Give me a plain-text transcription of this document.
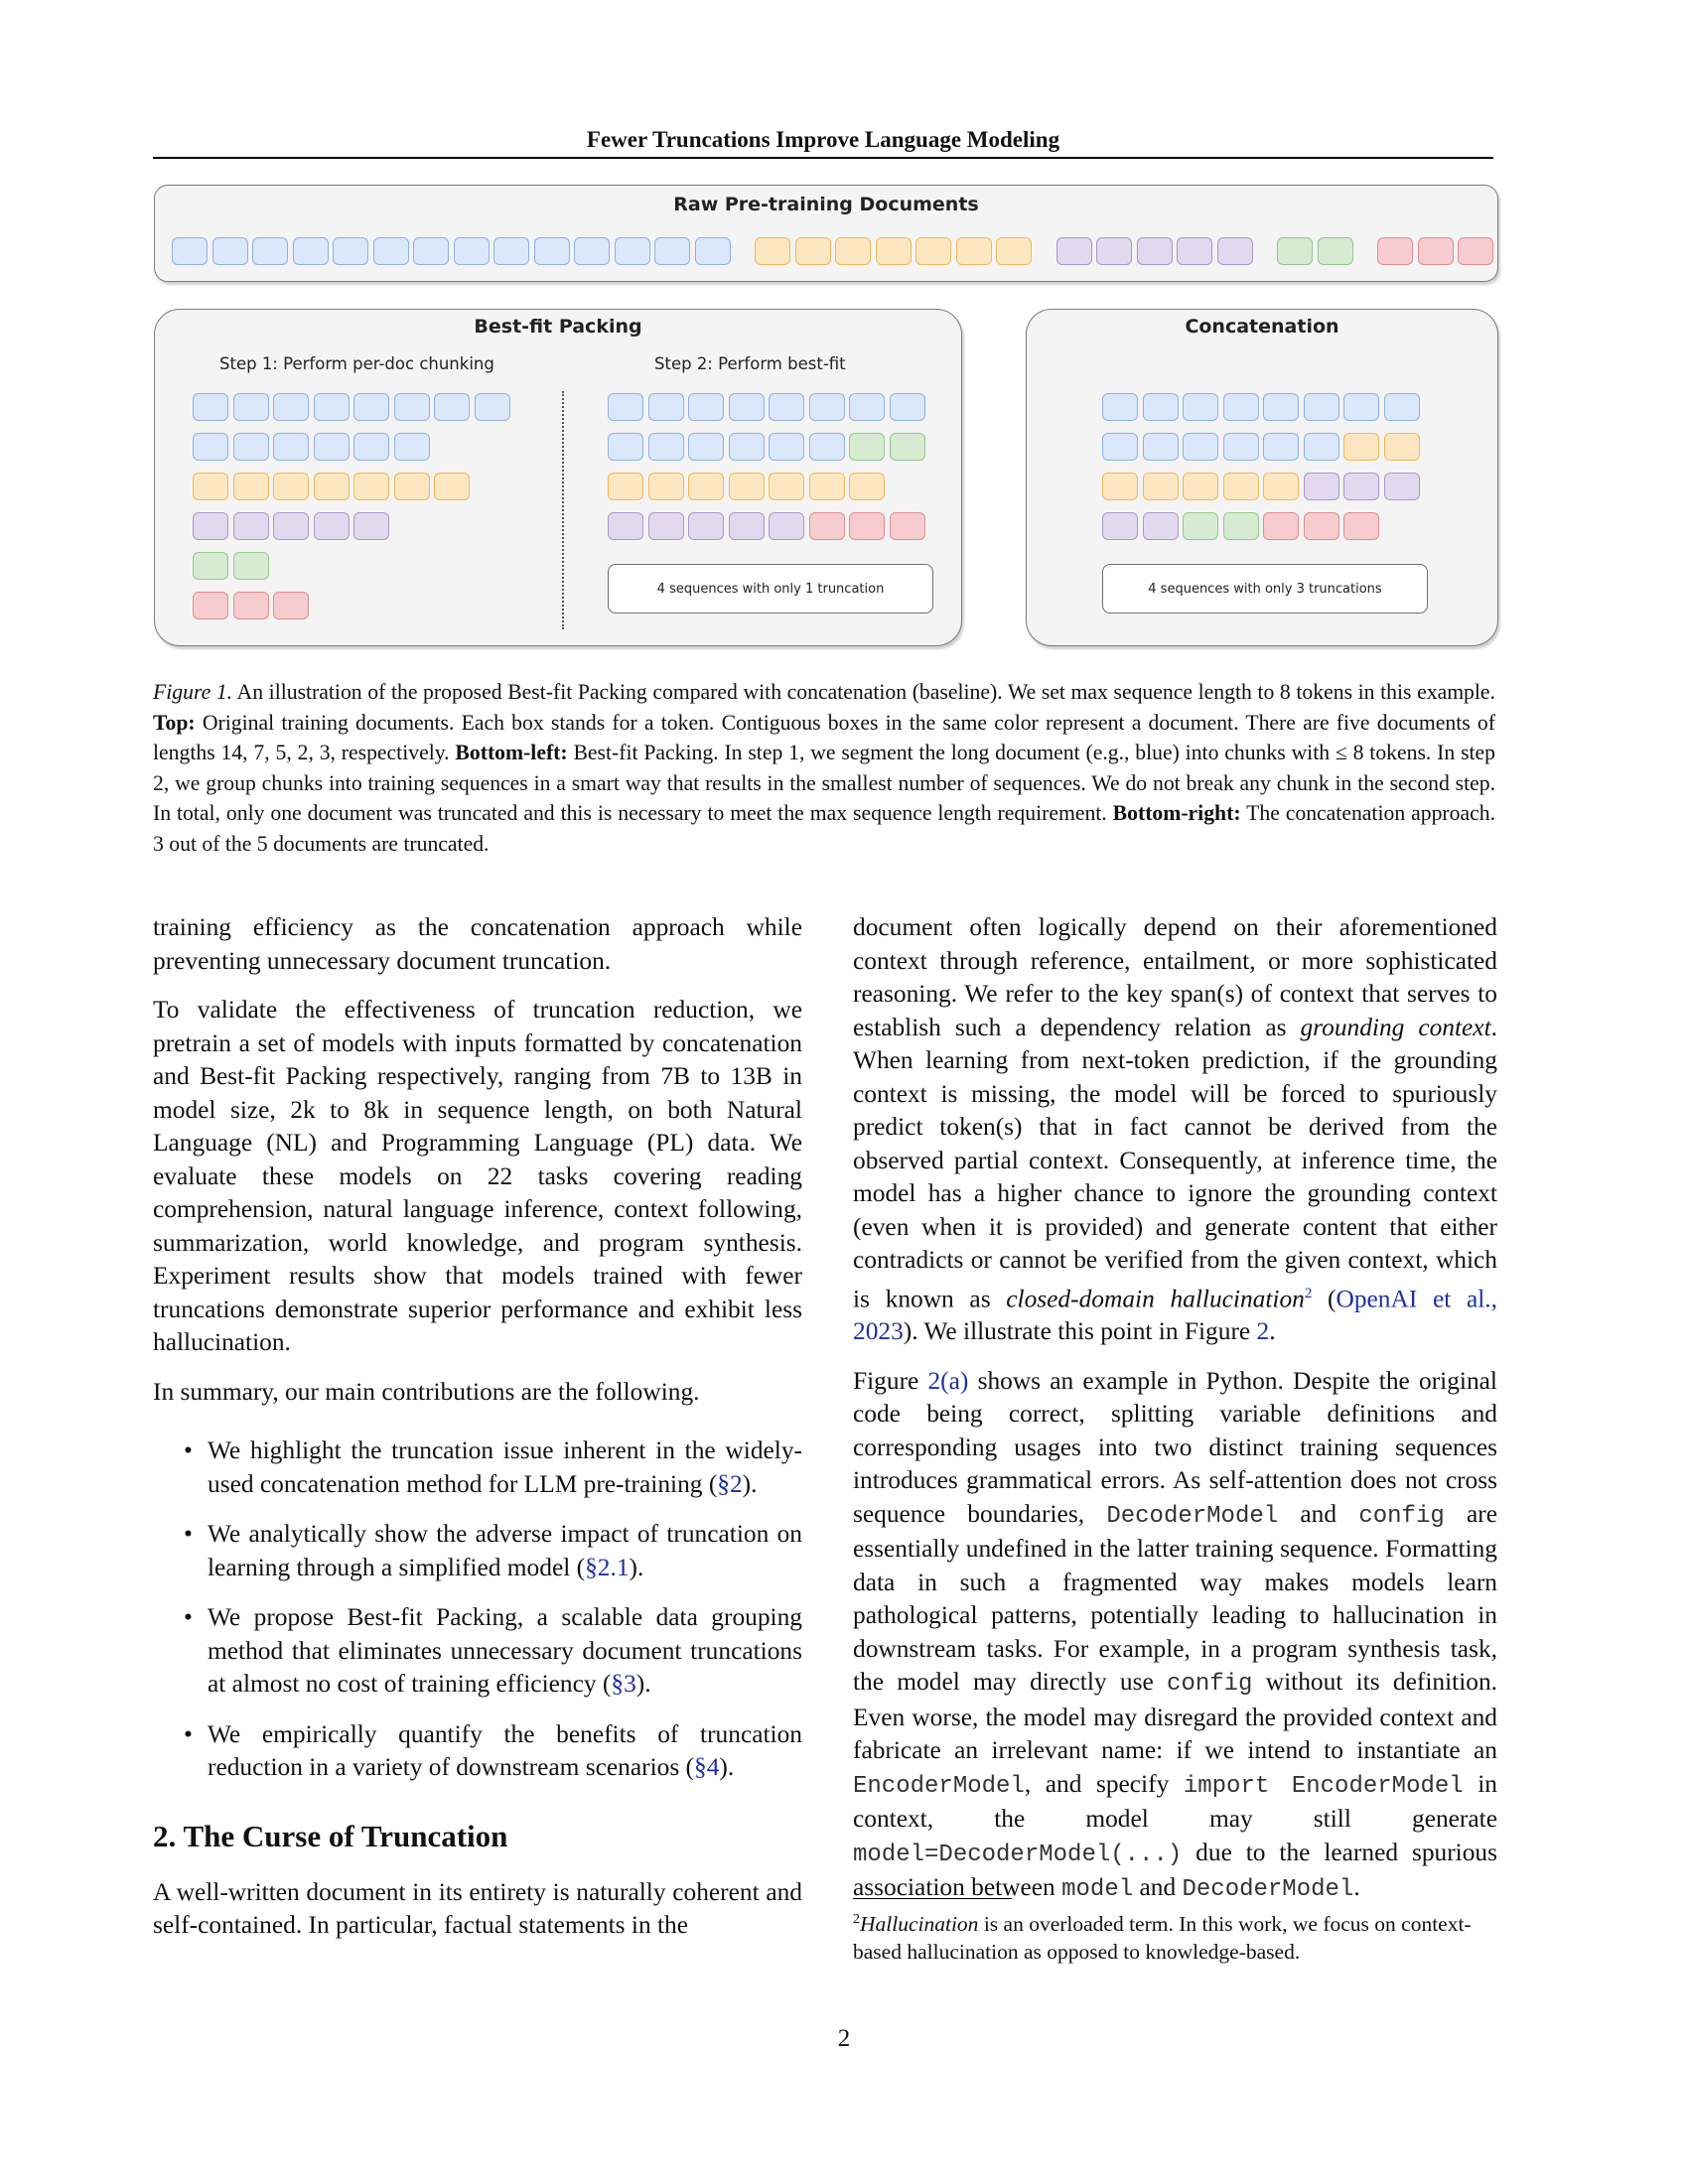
Fewer Truncations Improve Language Modeling
Raw Pre-training Documents
Best-fit Packing
Step 1: Perform per-doc chunking	Step 2: Perform best-fit
4 sequences with only 1 truncation
Concatenation
4 sequences with only 3 truncations
Figure 1. An illustration of the proposed Best-fit Packing compared with concatenation (baseline). We set max sequence length to 8 tokens in this example. Top: Original training documents. Each box stands for a token. Contiguous boxes in the same color represent a document. There are five documents of lengths 14, 7, 5, 2, 3, respectively. Bottom-left: Best-fit Packing. In step 1, we segment the long document (e.g., blue) into chunks with ≤ 8 tokens. In step 2, we group chunks into training sequences in a smart way that results in the smallest number of sequences. We do not break any chunk in the second step. In total, only one document was truncated and this is necessary to meet the max sequence length requirement. Bottom-right: The concatenation approach. 3 out of the 5 documents are truncated.

training efficiency as the concatenation approach while preventing unnecessary document truncation.

To validate the effectiveness of truncation reduction, we pretrain a set of models with inputs formatted by concatenation and Best-fit Packing respectively, ranging from 7B to 13B in model size, 2k to 8k in sequence length, on both Natural Language (NL) and Programming Language (PL) data. We evaluate these models on 22 tasks covering reading comprehension, natural language inference, context following, summarization, world knowledge, and program synthesis. Experiment results show that models trained with fewer truncations demonstrate superior performance and exhibit less hallucination.

In summary, our main contributions are the following.

• We highlight the truncation issue inherent in the widely-used concatenation method for LLM pre-training (§2).
• We analytically show the adverse impact of truncation on learning through a simplified model (§2.1).
• We propose Best-fit Packing, a scalable data grouping method that eliminates unnecessary document truncations at almost no cost of training efficiency (§3).
• We empirically quantify the benefits of truncation reduction in a variety of downstream scenarios (§4).
2. The Curse of Truncation

A well-written document in its entirety is naturally coherent and self-contained. In particular, factual statements in the

document often logically depend on their aforementioned context through reference, entailment, or more sophisticated reasoning. We refer to the key span(s) of context that serves to establish such a dependency relation as grounding context. When learning from next-token prediction, if the grounding context is missing, the model will be forced to spuriously predict token(s) that in fact cannot be derived from the observed partial context. Consequently, at inference time, the model has a higher chance to ignore the grounding context (even when it is provided) and generate content that either contradicts or cannot be verified from the given context, which is known as closed-domain hallucination$^2$ (OpenAI et al., 2023). We illustrate this point in Figure 2.

Figure 2(a) shows an example in Python. Despite the original code being correct, splitting variable definitions and corresponding usages into two distinct training sequences introduces grammatical errors. As self-attention does not cross sequence boundaries, DecoderModel and config are essentially undefined in the latter training sequence. Formatting data in such a fragmented way makes models learn pathological patterns, potentially leading to hallucination in downstream tasks. For example, in a program synthesis task, the model may directly use config without its definition. Even worse, the model may disregard the provided context and fabricate an irrelevant name: if we intend to instantiate an EncoderModel, and specify import EncoderModel in context, the model may still generate model=DecoderModel(...) due to the learned spurious association between model and DecoderModel.

$^2$Hallucination is an overloaded term. In this work, we focus on context-based hallucination as opposed to knowledge-based.
2
